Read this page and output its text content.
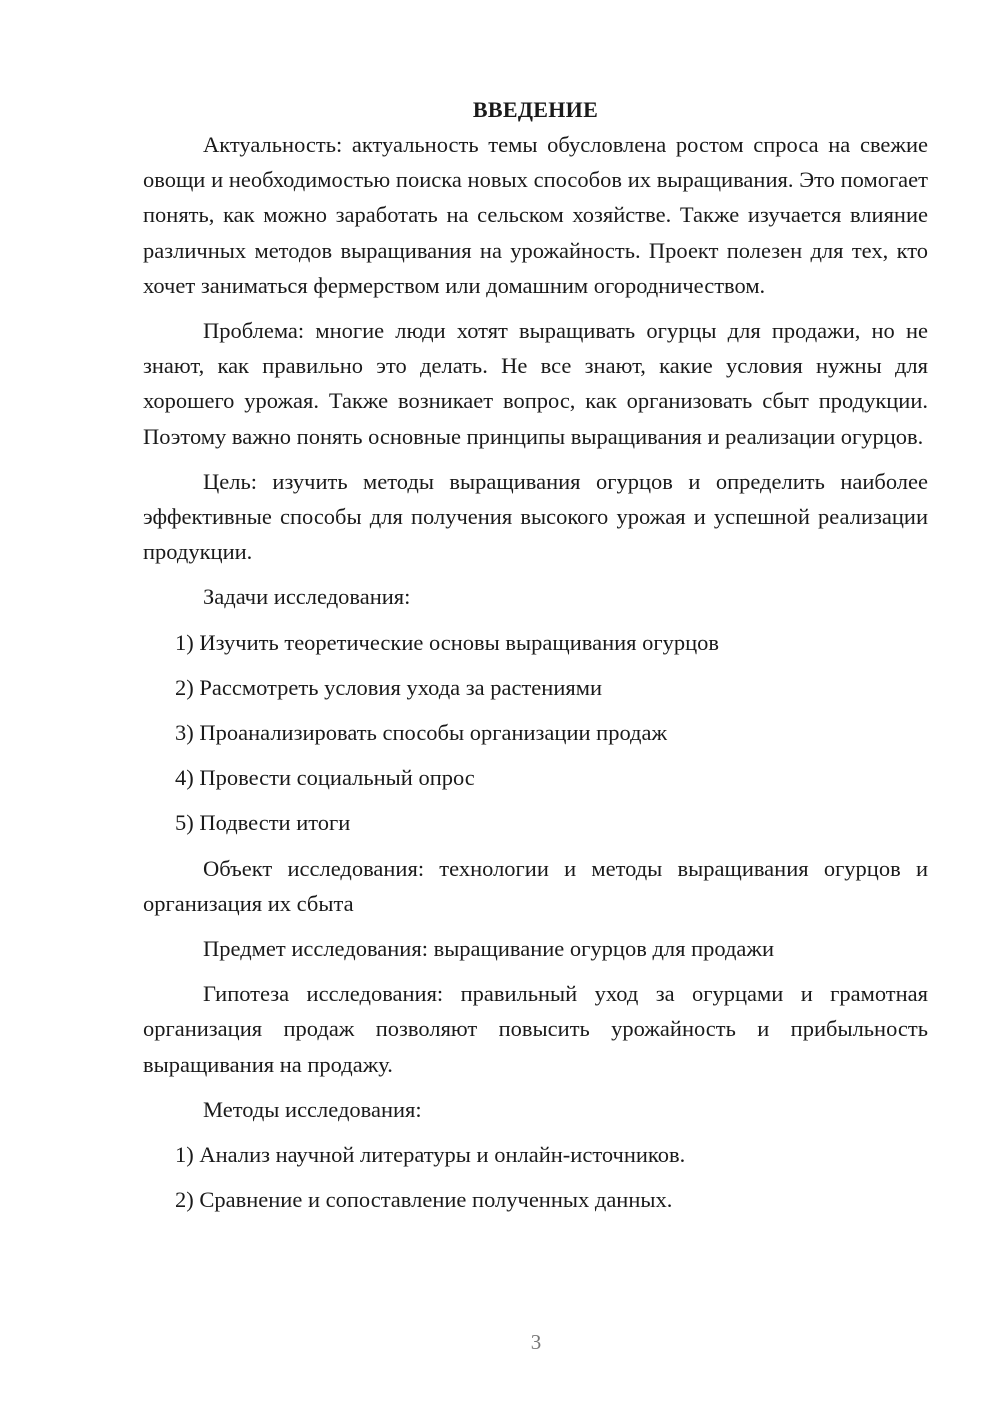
ВВЕДЕНИЕ

Актуальность: актуальность темы обусловлена ростом спроса на свежие овощи и необходимостью поиска новых способов их выращивания. Это помогает понять, как можно заработать на сельском хозяйстве. Также изучается влияние различных методов выращивания на урожайность. Проект полезен для тех, кто хочет заниматься фермерством или домашним огородничеством.

Проблема: многие люди хотят выращивать огурцы для продажи, но не знают, как правильно это делать. Не все знают, какие условия нужны для хорошего урожая. Также возникает вопрос, как организовать сбыт продукции. Поэтому важно понять основные принципы выращивания и реализации огурцов.

Цель: изучить методы выращивания огурцов и определить наиболее эффективные способы для получения высокого урожая и успешной реализации продукции.

Задачи исследования:

1) Изучить теоретические основы выращивания огурцов
2) Рассмотреть условия ухода за растениями
3) Проанализировать способы организации продаж
4) Провести социальный опрос
5) Подвести итоги

Объект исследования: технологии и методы выращивания огурцов и организация их сбыта

Предмет исследования: выращивание огурцов для продажи

Гипотеза исследования: правильный уход за огурцами и грамотная организация продаж позволяют повысить урожайность и прибыльность выращивания на продажу.

Методы исследования:

1) Анализ научной литературы и онлайн-источников.
2) Сравнение и сопоставление полученных данных.
3
